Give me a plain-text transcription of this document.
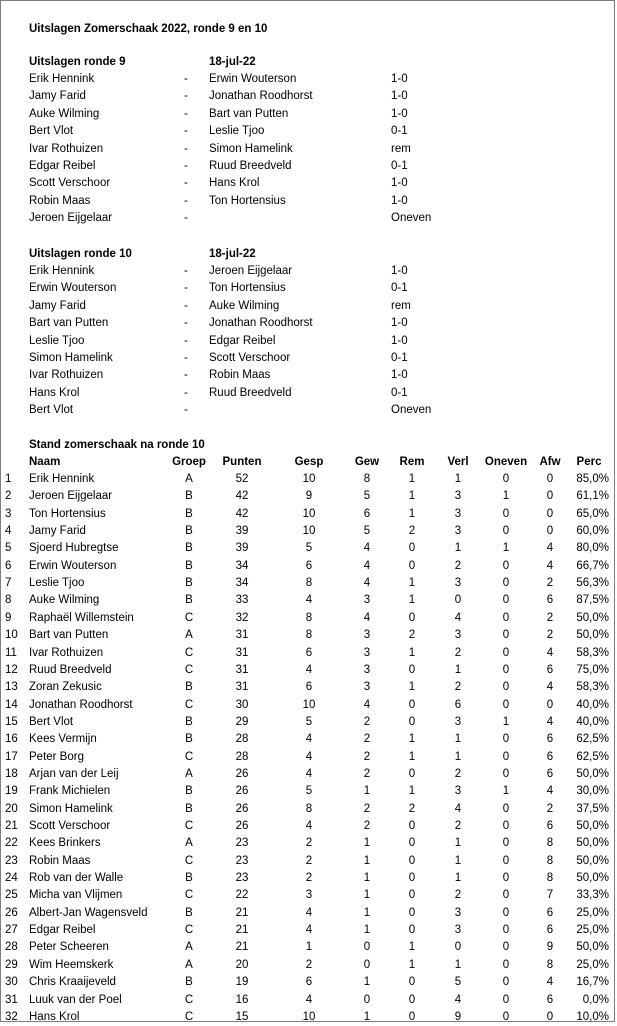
Uitslagen Zomerschaak 2022, ronde 9 en 10
Uitslagen ronde 9	18-jul-22
Erik Hennink	- Erwin Wouterson	1-0
Jamy Farid	- Jonathan Roodhorst	1-0
Auke Wilming	- Bart van Putten	1-0
Bert Vlot	- Leslie Tjoo	0-1
Ivar Rothuizen	- Simon Hamelink	rem
Edgar Reibel	- Ruud Breedveld	0-1
Scott Verschoor	- Hans Krol	1-0
Robin Maas	- Ton Hortensius	1-0
Jeroen Eijgelaar	-	Oneven
Uitslagen ronde 10	18-jul-22
Erik Hennink	- Jeroen Eijgelaar	1-0
Erwin Wouterson	- Ton Hortensius	0-1
Jamy Farid	- Auke Wilming	rem
Bart van Putten	- Jonathan Roodhorst	1-0
Leslie Tjoo	- Edgar Reibel	1-0
Simon Hamelink	- Scott Verschoor	0-1
Ivar Rothuizen	- Robin Maas	1-0
Hans Krol	- Ruud Breedveld	0-1
Bert Vlot	-	Oneven
Stand zomerschaak na ronde 10
Naam	Groep	Punten	Gesp	Gew	Rem	Verl	Oneven	Afw	Perc
1 Erik Hennink	A	52	10	8	1	1	0	0	85,0%
2 Jeroen Eijgelaar	B	42	9	5	1	3	1	0	61,1%
3 Ton Hortensius	B	42	10	6	1	3	0	0	65,0%
4 Jamy Farid	B	39	10	5	2	3	0	0	60,0%
5 Sjoerd Hubregtse	B	39	5	4	0	1	1	4	80,0%
6 Erwin Wouterson	B	34	6	4	0	2	0	4	66,7%
7 Leslie Tjoo	B	34	8	4	1	3	0	2	56,3%
8 Auke Wilming	B	33	4	3	1	0	0	6	87,5%
9 Raphaël Willemstein	C	32	8	4	0	4	0	2	50,0%
10 Bart van Putten	A	31	8	3	2	3	0	2	50,0%
11 Ivar Rothuizen	C	31	6	3	1	2	0	4	58,3%
12 Ruud Breedveld	C	31	4	3	0	1	0	6	75,0%
13 Zoran Zekusic	B	31	6	3	1	2	0	4	58,3%
14 Jonathan Roodhorst	C	30	10	4	0	6	0	0	40,0%
15 Bert Vlot	B	29	5	2	0	3	1	4	40,0%
16 Kees Vermijn	B	28	4	2	1	1	0	6	62,5%
17 Peter Borg	C	28	4	2	1	1	0	6	62,5%
18 Arjan van der Leij	A	26	4	2	0	2	0	6	50,0%
19 Frank Michielen	B	26	5	1	1	3	1	4	30,0%
20 Simon Hamelink	B	26	8	2	2	4	0	2	37,5%
21 Scott Verschoor	C	26	4	2	0	2	0	6	50,0%
22 Kees Brinkers	A	23	2	1	0	1	0	8	50,0%
23 Robin Maas	C	23	2	1	0	1	0	8	50,0%
24 Rob van der Walle	B	23	2	1	0	1	0	8	50,0%
25 Micha van Vlijmen	C	22	3	1	0	2	0	7	33,3%
26 Albert-Jan Wagensveld	B	21	4	1	0	3	0	6	25,0%
27 Edgar Reibel	C	21	4	1	0	3	0	6	25,0%
28 Peter Scheeren	A	21	1	0	1	0	0	9	50,0%
29 Wim Heemskerk	A	20	2	0	1	1	0	8	25,0%
30 Chris Kraaijeveld	B	19	6	1	0	5	0	4	16,7%
31 Luuk van der Poel	C	16	4	0	0	4	0	6	0,0%
32 Hans Krol	C	15	10	1	0	9	0	0	10,0%
